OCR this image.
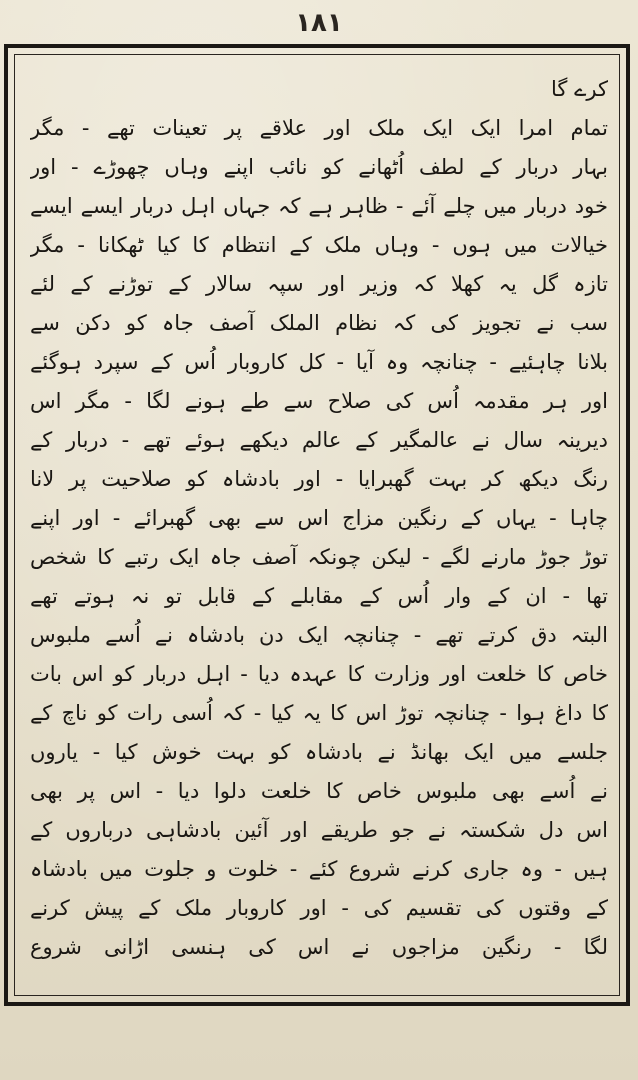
۱۸۱
کرے گا
تمام امرا ایک ایک ملک اور علاقے پر تعینات تھے - مگر
بہار دربار کے لطف اُٹھانے کو نائب اپنے وہاں چھوڑے - اور
خود دربار میں چلے آئے - ظاہر ہے کہ جہاں اہل دربار ایسے ایسے
خیالات میں ہوں - وہاں ملک کے انتظام کا کیا ٹھکانا - مگر
تازہ گل یہ کھلا کہ وزیر اور سپہ سالار کے توڑنے کے لئے
سب نے تجویز کی کہ نظام الملک آصف جاہ کو دکن سے
بلانا چاہئیے - چنانچہ وہ آیا - کل کاروبار اُس کے سپرد ہوگئے
اور ہر مقدمہ اُس کی صلاح سے طے ہونے لگا - مگر اس
دیرینہ سال نے عالمگیر کے عالم دیکھے ہوئے تھے - دربار کے
رنگ دیکھ کر بہت گھبرایا - اور بادشاہ کو صلاحیت پر لانا
چاہا - یہاں کے رنگین مزاج اس سے بھی گھبرائے - اور اپنے
توڑ جوڑ مارنے لگے - لیکن چونکہ آصف جاہ ایک رتبے کا شخص
تھا - ان کے وار اُس کے مقابلے کے قابل تو نہ ہوتے تھے
البتہ دق کرتے تھے - چنانچہ ایک دن بادشاہ نے اُسے ملبوس
خاص کا خلعت اور وزارت کا عہدہ دیا - اہل دربار کو اس بات
کا داغ ہوا - چنانچہ توڑ اس کا یہ کیا - کہ اُسی رات کو ناچ کے
جلسے میں ایک بھانڈ نے بادشاہ کو بہت خوش کیا - یاروں
نے اُسے بھی ملبوس خاص کا خلعت دلوا دیا - اس پر بھی
اس دل شکستہ نے جو طریقے اور آئین بادشاہی درباروں کے
ہیں - وہ جاری کرنے شروع کئے - خلوت و جلوت میں بادشاہ
کے وقتوں کی تقسیم کی - اور کاروبار ملک کے پیش کرنے
لگا - رنگین مزاجوں نے اس کی ہنسی اڑانی شروع
